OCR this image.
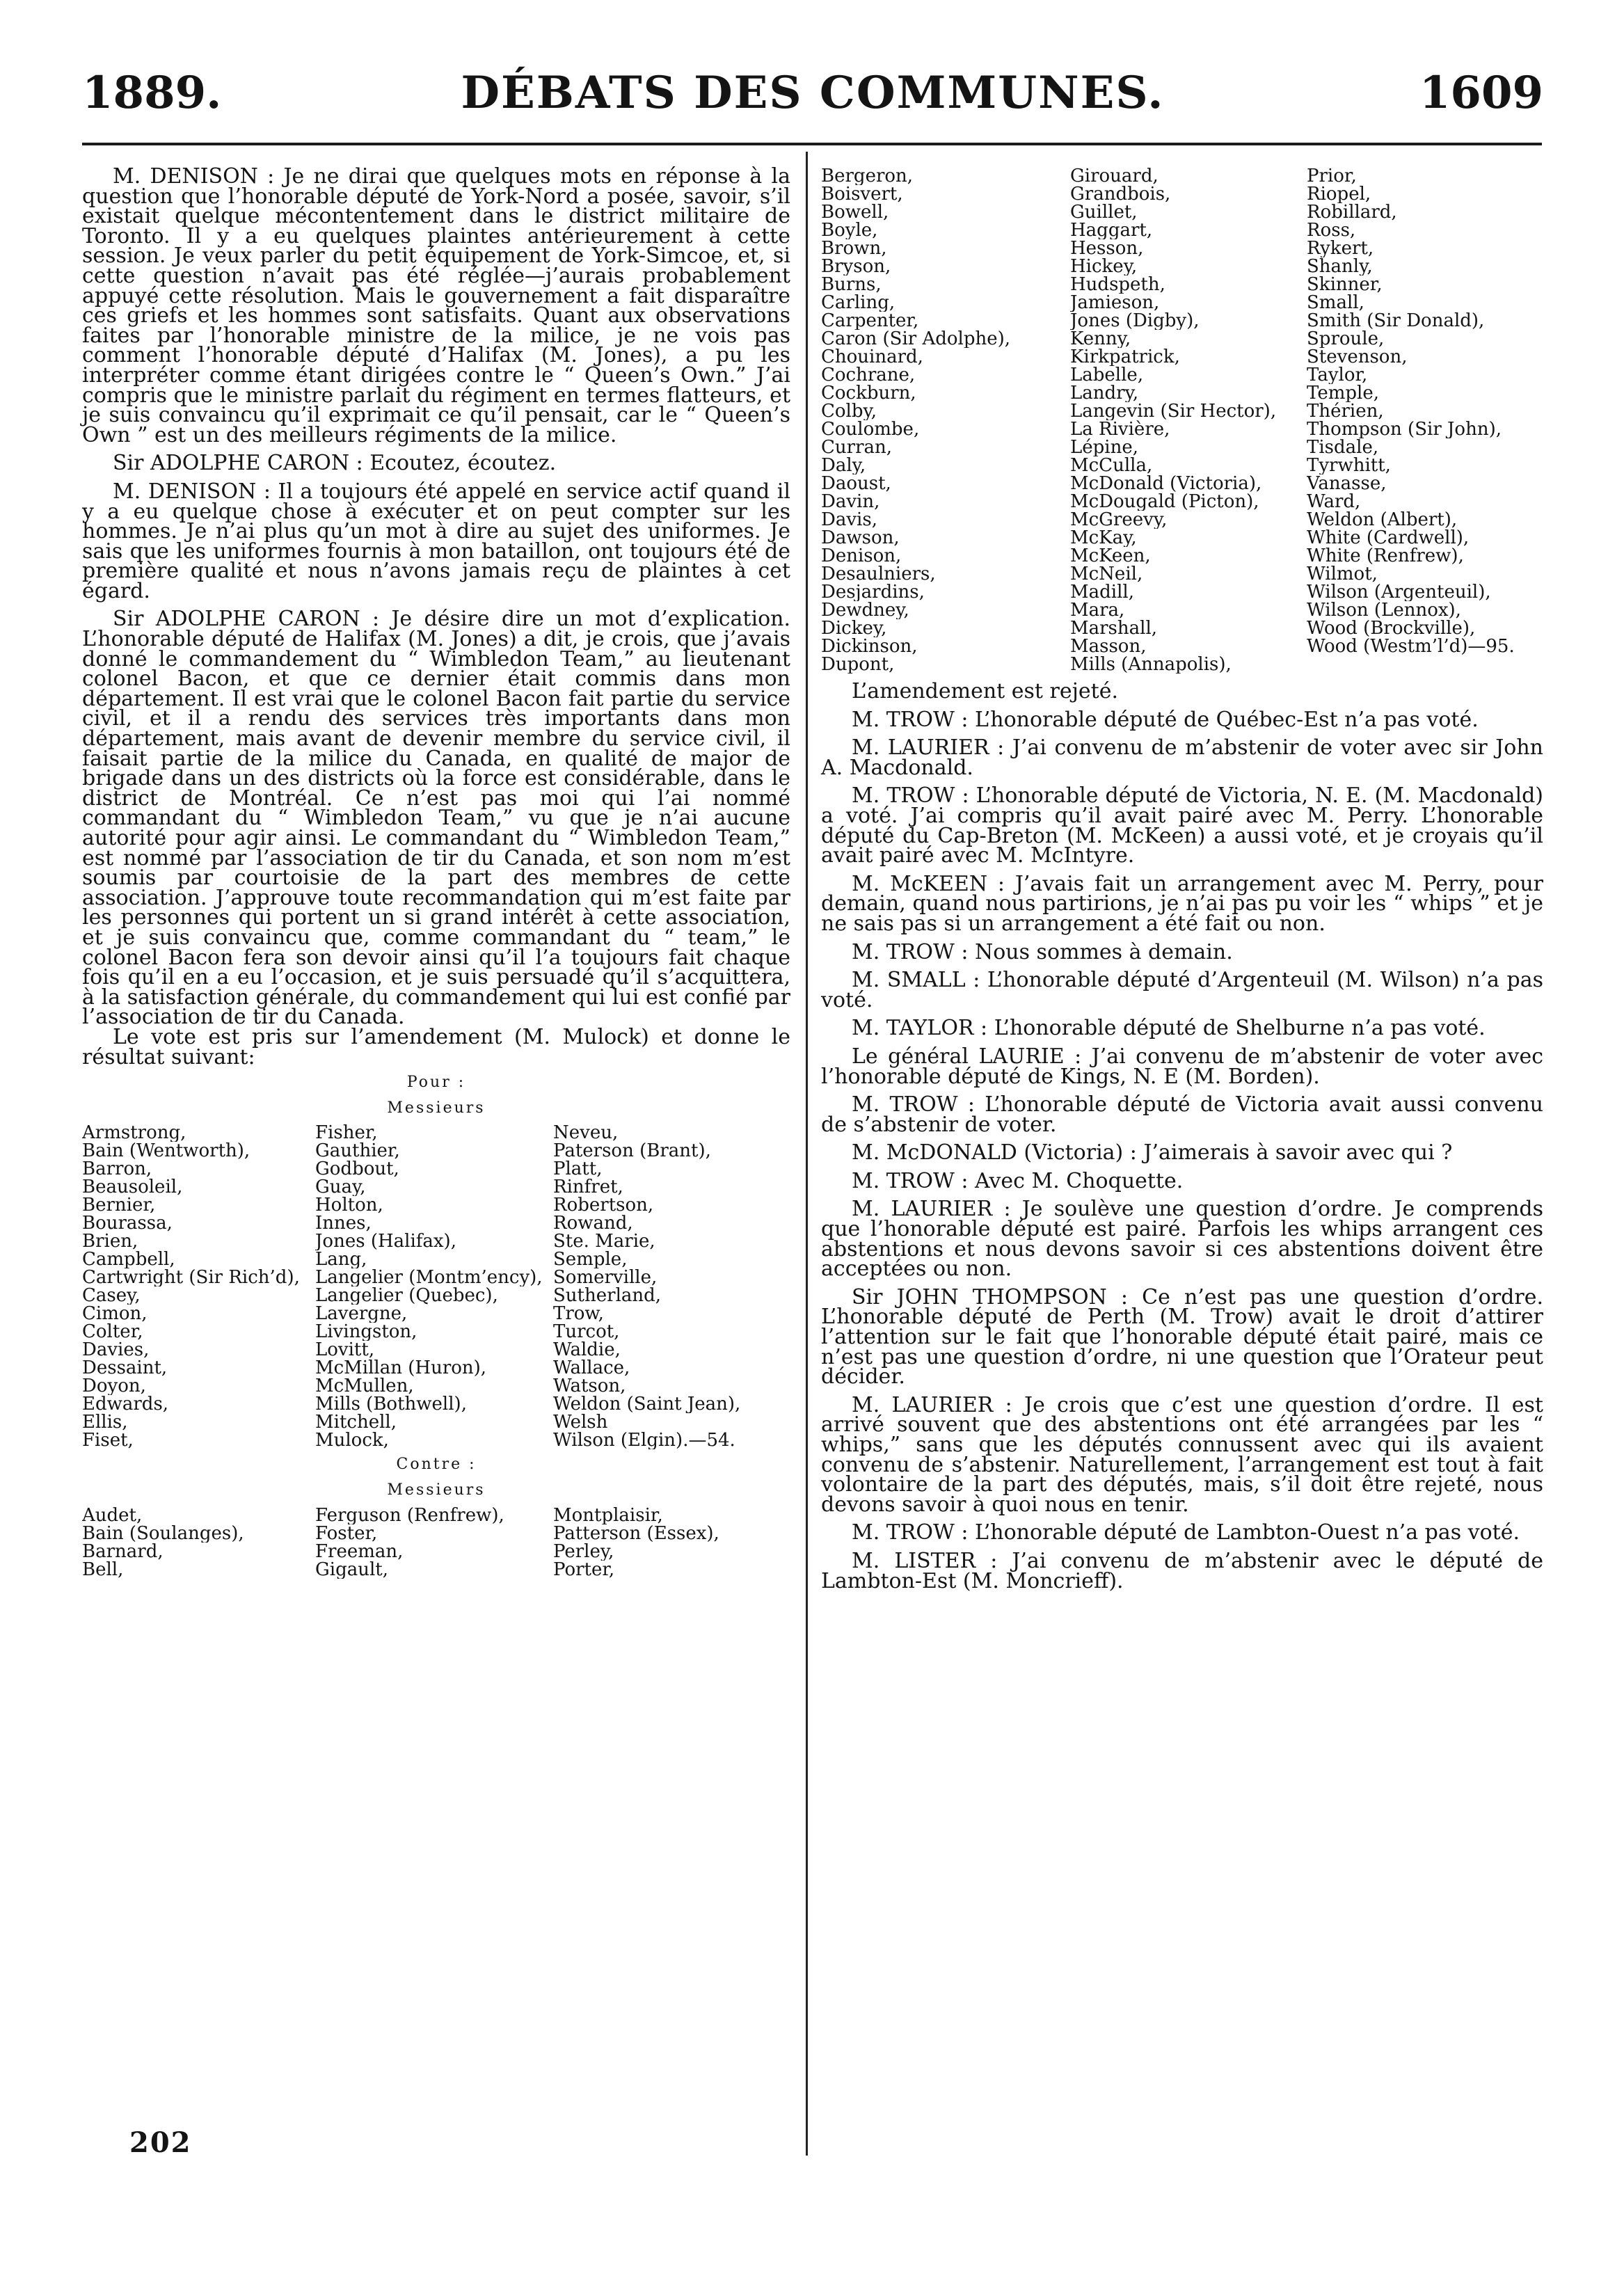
1889.	DÉBATS DES COMMUNES.	1609

M. DENISON : Je ne dirai que quelques mots en réponse à la question que l’honorable député de York-Nord a posée, savoir, s’il existait quelque mécontentement dans le district militaire de Toronto. Il y a eu quelques plaintes antérieurement à cette session. Je veux parler du petit équipement de York-Simcoe, et, si cette question n’avait pas été réglée—j’aurais probablement appuyé cette résolution. Mais le gouvernement a fait disparaître ces griefs et les hommes sont satisfaits. Quant aux observations faites par l’honorable ministre de la milice, je ne vois pas comment l’honorable député d’Halifax (M. Jones), a pu les interpréter comme étant dirigées contre le “ Queen’s Own.” J’ai compris que le ministre parlait du régiment en termes flatteurs, et je suis convaincu qu’il exprimait ce qu’il pensait, car le “ Queen’s Own ” est un des meilleurs régiments de la milice.

Sir ADOLPHE CARON : Ecoutez, écoutez.

M. DENISON : Il a toujours été appelé en service actif quand il y a eu quelque chose à exécuter et on peut compter sur les hommes. Je n’ai plus qu’un mot à dire au sujet des uniformes. Je sais que les uniformes fournis à mon bataillon, ont toujours été de première qualité et nous n’avons jamais reçu de plaintes à cet égard.

Sir ADOLPHE CARON : Je désire dire un mot d’explication. L’honorable député de Halifax (M. Jones) a dit, je crois, que j’avais donné le commandement du “ Wimbledon Team,” au lieutenant colonel Bacon, et que ce dernier était commis dans mon département. Il est vrai que le colonel Bacon fait partie du service civil, et il a rendu des services très importants dans mon département, mais avant de devenir membre du service civil, il faisait partie de la milice du Canada, en qualité de major de brigade dans un des districts où la force est considérable, dans le district de Montréal. Ce n’est pas moi qui l’ai nommé commandant du “ Wimbledon Team,” vu que je n’ai aucune autorité pour agir ainsi. Le commandant du “ Wimbledon Team,” est nommé par l’association de tir du Canada, et son nom m’est soumis par courtoisie de la part des membres de cette association. J’approuve toute recommandation qui m’est faite par les personnes qui portent un si grand intérêt à cette association, et je suis convaincu que, comme commandant du “ team,” le colonel Bacon fera son devoir ainsi qu’il l’a toujours fait chaque fois qu’il en a eu l’occasion, et je suis persuadé qu’il s’acquittera, à la satisfaction générale, du commandement qui lui est confié par l’association de tir du Canada.

Le vote est pris sur l’amendement (M. Mulock) et donne le résultat suivant:

Pour :
Messieurs
Armstrong,	Fisher,	Neveu,
Bain (Wentworth),	Gauthier,	Paterson (Brant),
Barron,	Godbout,	Platt,
Beausoleil,	Guay,	Rinfret,
Bernier,	Holton,	Robertson,
Bourassa,	Innes,	Rowand,
Brien,	Jones (Halifax),	Ste. Marie,
Campbell,	Lang,	Semple,
Cartwright (Sir Rich’d),	Langelier (Montm’ency),	Somerville,
Casey,	Langelier (Quebec),	Sutherland,
Cimon,	Lavergne,	Trow,
Colter,	Livingston,	Turcot,
Davies,	Lovitt,	Waldie,
Dessaint,	McMillan (Huron),	Wallace,
Doyon,	McMullen,	Watson,
Edwards,	Mills (Bothwell),	Weldon (Saint Jean),
Ellis,	Mitchell,	Welsh
Fiset,	Mulock,	Wilson (Elgin).—54.
Contre :
Messieurs
Audet,	Ferguson (Renfrew),	Montplaisir,
Bain (Soulanges),	Foster,	Patterson (Essex),
Barnard,	Freeman,	Perley,
Bell,	Gigault,	Porter,
Bergeron,	Girouard,	Prior,
Boisvert,	Grandbois,	Riopel,
Bowell,	Guillet,	Robillard,
Boyle,	Haggart,	Ross,
Brown,	Hesson,	Rykert,
Bryson,	Hickey,	Shanly,
Burns,	Hudspeth,	Skinner,
Carling,	Jamieson,	Small,
Carpenter,	Jones (Digby),	Smith (Sir Donald),
Caron (Sir Adolphe),	Kenny,	Sproule,
Chouinard,	Kirkpatrick,	Stevenson,
Cochrane,	Labelle,	Taylor,
Cockburn,	Landry,	Temple,
Colby,	Langevin (Sir Hector),	Thérien,
Coulombe,	La Rivière,	Thompson (Sir John),
Curran,	Lépine,	Tisdale,
Daly,	McCulla,	Tyrwhitt,
Daoust,	McDonald (Victoria),	Vanasse,
Davin,	McDougald (Picton),	Ward,
Davis,	McGreevy,	Weldon (Albert),
Dawson,	McKay,	White (Cardwell),
Denison,	McKeen,	White (Renfrew),
Desaulniers,	McNeil,	Wilmot,
Desjardins,	Madill,	Wilson (Argenteuil),
Dewdney,	Mara,	Wilson (Lennox),
Dickey,	Marshall,	Wood (Brockville),
Dickinson,	Masson,	Wood (Westm’l’d)—95.
Dupont,	Mills (Annapolis),	

L’amendement est rejeté.

M. TROW : L’honorable député de Québec-Est n’a pas voté.

M. LAURIER : J’ai convenu de m’abstenir de voter avec sir John A. Macdonald.

M. TROW : L’honorable député de Victoria, N. E. (M. Macdonald) a voté. J’ai compris qu’il avait pairé avec M. Perry. L’honorable député du Cap-Breton (M. McKeen) a aussi voté, et je croyais qu’il avait pairé avec M. McIntyre.

M. McKEEN : J’avais fait un arrangement avec M. Perry, pour demain, quand nous partirions, je n’ai pas pu voir les “ whips ” et je ne sais pas si un arrangement a été fait ou non.

M. TROW : Nous sommes à demain.

M. SMALL : L’honorable député d’Argenteuil (M. Wilson) n’a pas voté.

M. TAYLOR : L’honorable député de Shelburne n’a pas voté.

Le général LAURIE : J’ai convenu de m’abstenir de voter avec l’honorable député de Kings, N. E (M. Borden).

M. TROW : L’honorable député de Victoria avait aussi convenu de s’abstenir de voter.

M. McDONALD (Victoria) : J’aimerais à savoir avec qui ?

M. TROW : Avec M. Choquette.

M. LAURIER : Je soulève une question d’ordre. Je comprends que l’honorable député est pairé. Parfois les whips arrangent ces abstentions et nous devons savoir si ces abstentions doivent être acceptées ou non.

Sir JOHN THOMPSON : Ce n’est pas une question d’ordre. L’honorable député de Perth (M. Trow) avait le droit d’attirer l’attention sur le fait que l’honorable député était pairé, mais ce n’est pas une question d’ordre, ni une question que l’Orateur peut décider.

M. LAURIER : Je crois que c’est une question d’ordre. Il est arrivé souvent que des abstentions ont été arrangées par les “ whips,” sans que les députés connussent avec qui ils avaient convenu de s’abstenir. Naturellement, l’arrangement est tout à fait volontaire de la part des députés, mais, s’il doit être rejeté, nous devons savoir à quoi nous en tenir.

M. TROW : L’honorable député de Lambton-Ouest n’a pas voté.

M. LISTER : J’ai convenu de m’abstenir avec le député de Lambton-Est (M. Moncrieff).

202
